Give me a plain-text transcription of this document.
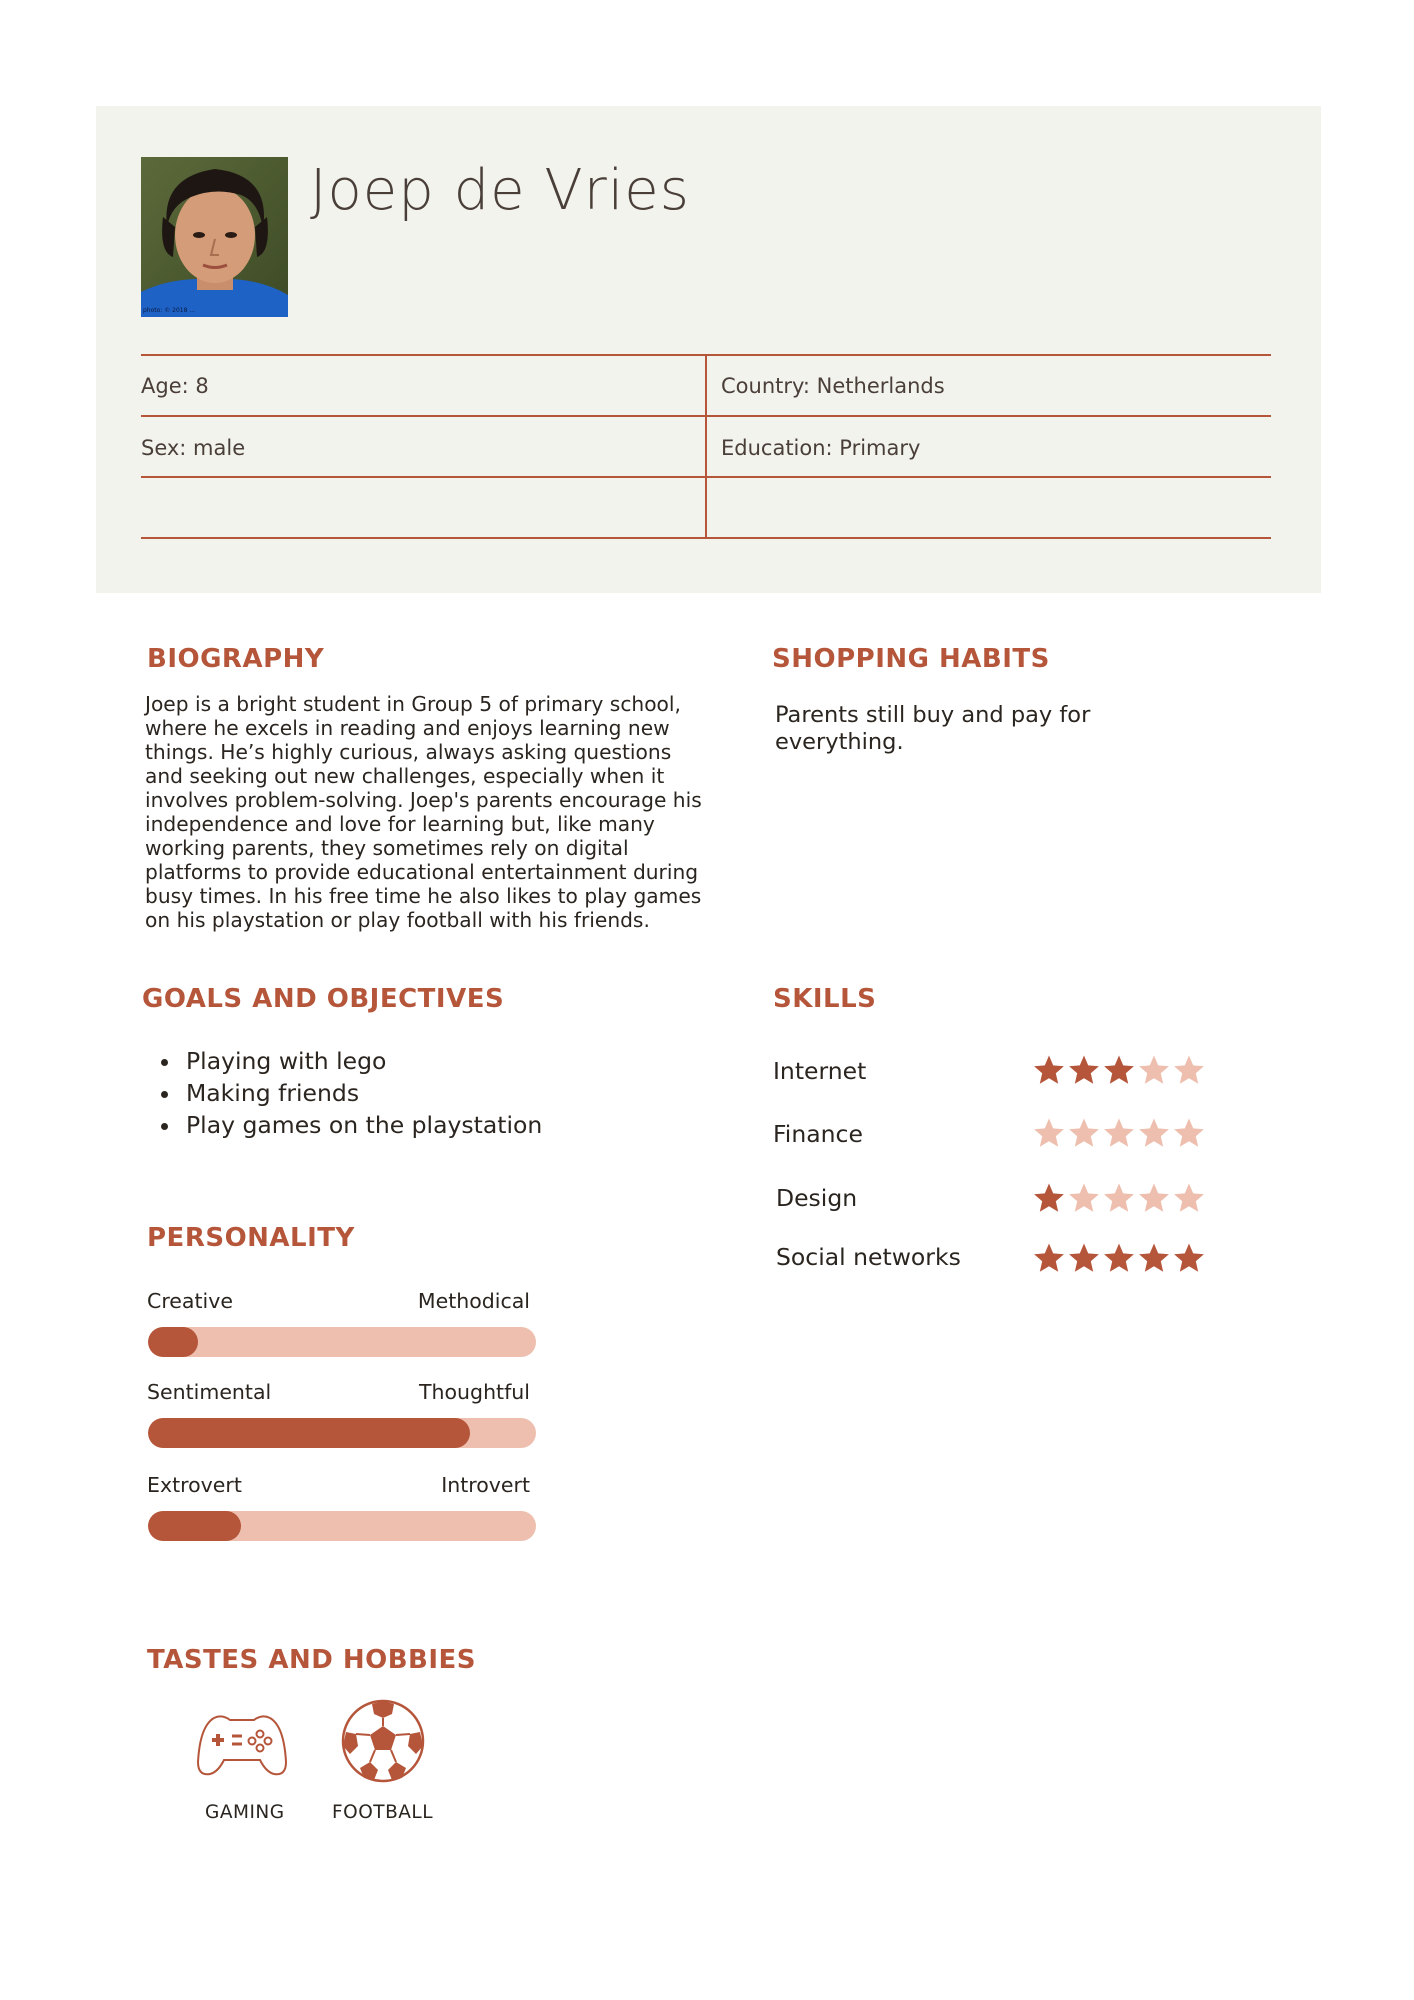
photo: © 2018 ...
Joep de Vries
Age: 8	Country: Netherlands
Sex: male	Education: Primary
BIOGRAPHY
Joep is a bright student in Group 5 of primary school, where he excels in reading and enjoys learning new things. He’s highly curious, always asking questions and seeking out new challenges, especially when it involves problem-solving. Joep's parents encourage his independence and love for learning but, like many working parents, they sometimes rely on digital platforms to provide educational entertainment during busy times. In his free time he also likes to play games on his playstation or play football with his friends.
SHOPPING HABITS
Parents still buy and pay for everything.
GOALS AND OBJECTIVES
• Playing with lego
• Making friends
• Play games on the playstation
SKILLS
Internet
Finance
Design
Social networks
PERSONALITY
Creative	Methodical
Sentimental	Thoughtful
Extrovert	Introvert
TASTES AND HOBBIES
GAMING	FOOTBALL
